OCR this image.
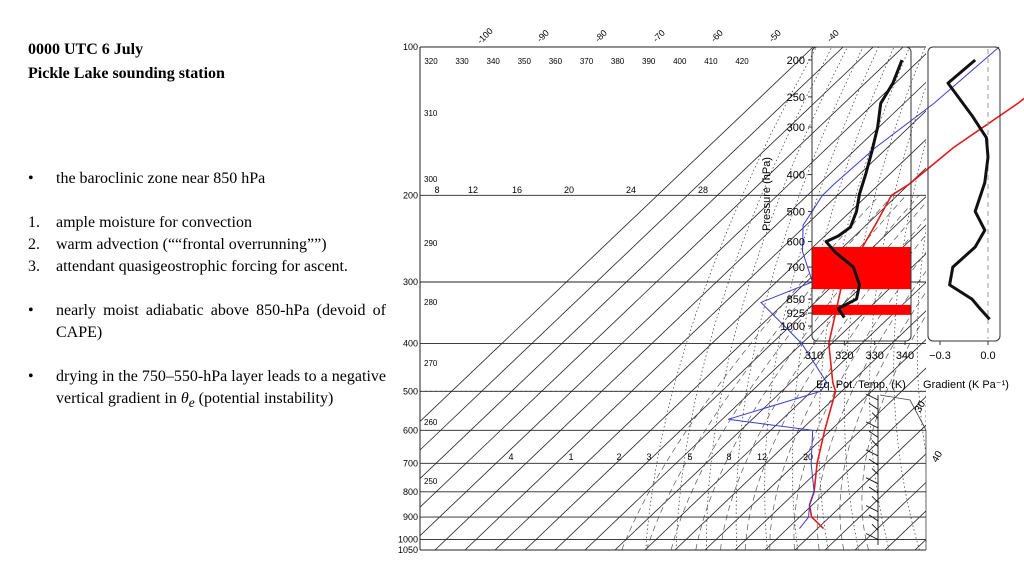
0000 UTC 6 July
Pickle Lake sounding station
•	the baroclinic zone near 850 hPa
1.	ample moisture for convection
2.	warm advection (““frontal overrunning””)
3.	attendant quasigeostrophic forcing for ascent.
•	nearly moist adiabatic above 850-hPa (devoid of CAPE)
•	drying in the 750–550-hPa layer leads to a negative vertical gradient in $\theta_e$ (potential instability)
100
200
300
400
500
600
700
800
900
1000
1050
-100	-90	-80	-70	-60	-50	-40
320 330 340 350 360 370 380 390 400 410 420
310
300
290
280
270
260
250
8	12	16	20	24	28
4	1	2	3	5	8	12	20
30
40
200
250
300
400
500
600
700
850
925
1000
310 320 330 340
Eq. Pot. Temp. (K)
Pressure (hPa)
−0.3	0.0
Gradient (K Pa⁻¹)
